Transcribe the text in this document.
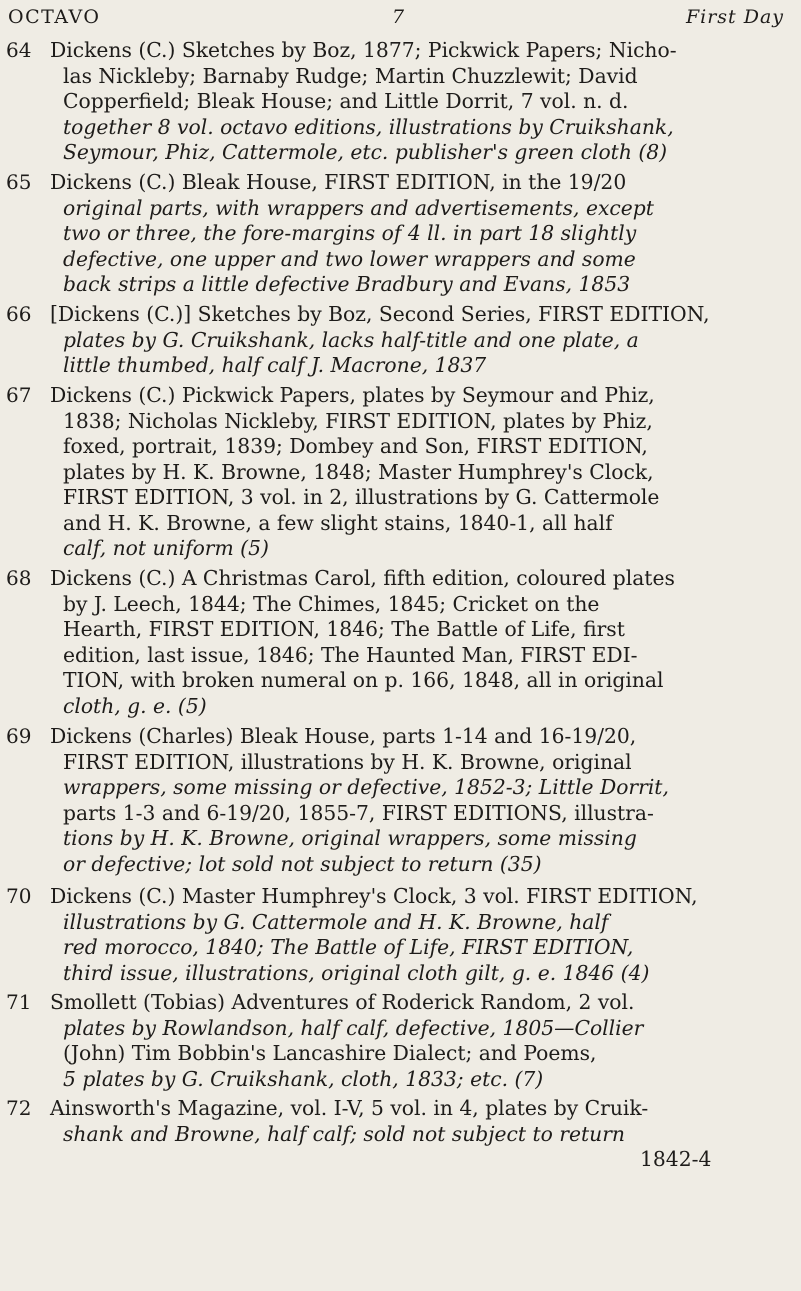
OCTAVO	7	First Day
64 Dickens (C.) Sketches by Boz, 1877; Pickwick Papers; Nicho-
las Nickleby; Barnaby Rudge; Martin Chuzzlewit; David
Copperfield; Bleak House; and Little Dorrit, 7 vol. n. d.
together 8 vol. octavo editions, illustrations by Cruikshank,
Seymour, Phiz, Cattermole, etc. publisher's green cloth (8)
65 Dickens (C.) Bleak House, FIRST EDITION, in the 19/20
original parts, with wrappers and advertisements, except
two or three, the fore-margins of 4 ll. in part 18 slightly
defective, one upper and two lower wrappers and some
back strips a little defective Bradbury and Evans, 1853
66 [Dickens (C.)] Sketches by Boz, Second Series, FIRST EDITION,
plates by G. Cruikshank, lacks half-title and one plate, a
little thumbed, half calf J. Macrone, 1837
67 Dickens (C.) Pickwick Papers, plates by Seymour and Phiz,
1838; Nicholas Nickleby, FIRST EDITION, plates by Phiz,
foxed, portrait, 1839; Dombey and Son, FIRST EDITION,
plates by H. K. Browne, 1848; Master Humphrey's Clock,
FIRST EDITION, 3 vol. in 2, illustrations by G. Cattermole
and H. K. Browne, a few slight stains, 1840-1, all half
calf, not uniform (5)
68 Dickens (C.) A Christmas Carol, fifth edition, coloured plates
by J. Leech, 1844; The Chimes, 1845; Cricket on the
Hearth, FIRST EDITION, 1846; The Battle of Life, first
edition, last issue, 1846; The Haunted Man, FIRST EDI-
TION, with broken numeral on p. 166, 1848, all in original
cloth, g. e. (5)
69 Dickens (Charles) Bleak House, parts 1-14 and 16-19/20,
FIRST EDITION, illustrations by H. K. Browne, original
wrappers, some missing or defective, 1852-3; Little Dorrit,
parts 1-3 and 6-19/20, 1855-7, FIRST EDITIONS, illustra-
tions by H. K. Browne, original wrappers, some missing
or defective; lot sold not subject to return (35)
70 Dickens (C.) Master Humphrey's Clock, 3 vol. FIRST EDITION,
illustrations by G. Cattermole and H. K. Browne, half
red morocco, 1840; The Battle of Life, FIRST EDITION,
third issue, illustrations, original cloth gilt, g. e. 1846 (4)
71 Smollett (Tobias) Adventures of Roderick Random, 2 vol.
plates by Rowlandson, half calf, defective, 1805—Collier
(John) Tim Bobbin's Lancashire Dialect; and Poems,
5 plates by G. Cruikshank, cloth, 1833; etc. (7)
72 Ainsworth's Magazine, vol. I-V, 5 vol. in 4, plates by Cruik-
shank and Browne, half calf; sold not subject to return
1842-4
